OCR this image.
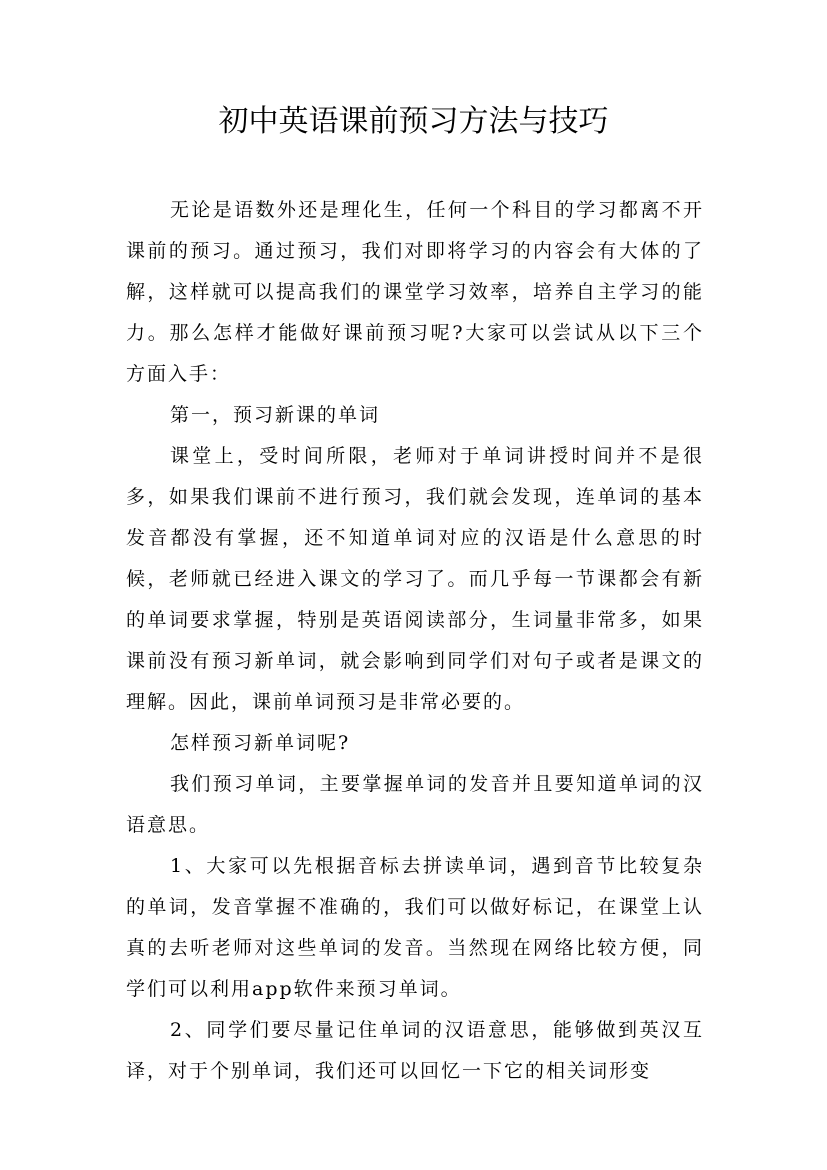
初中英语课前预习方法与技巧

无论是语数外还是理化生，任何一个科目的学习都离不开课前的预习。通过预习，我们对即将学习的内容会有大体的了解，这样就可以提高我们的课堂学习效率，培养自主学习的能力。那么怎样才能做好课前预习呢?大家可以尝试从以下三个方面入手：

第一，预习新课的单词

课堂上，受时间所限，老师对于单词讲授时间并不是很多，如果我们课前不进行预习，我们就会发现，连单词的基本发音都没有掌握，还不知道单词对应的汉语是什么意思的时候，老师就已经进入课文的学习了。而几乎每一节课都会有新的单词要求掌握，特别是英语阅读部分，生词量非常多，如果课前没有预习新单词，就会影响到同学们对句子或者是课文的理解。因此，课前单词预习是非常必要的。

怎样预习新单词呢?

我们预习单词，主要掌握单词的发音并且要知道单词的汉语意思。

1、大家可以先根据音标去拼读单词，遇到音节比较复杂的单词，发音掌握不准确的，我们可以做好标记，在课堂上认真的去听老师对这些单词的发音。当然现在网络比较方便，同学们可以利用app软件来预习单词。

2、同学们要尽量记住单词的汉语意思，能够做到英汉互译，对于个别单词，我们还可以回忆一下它的相关词形变
